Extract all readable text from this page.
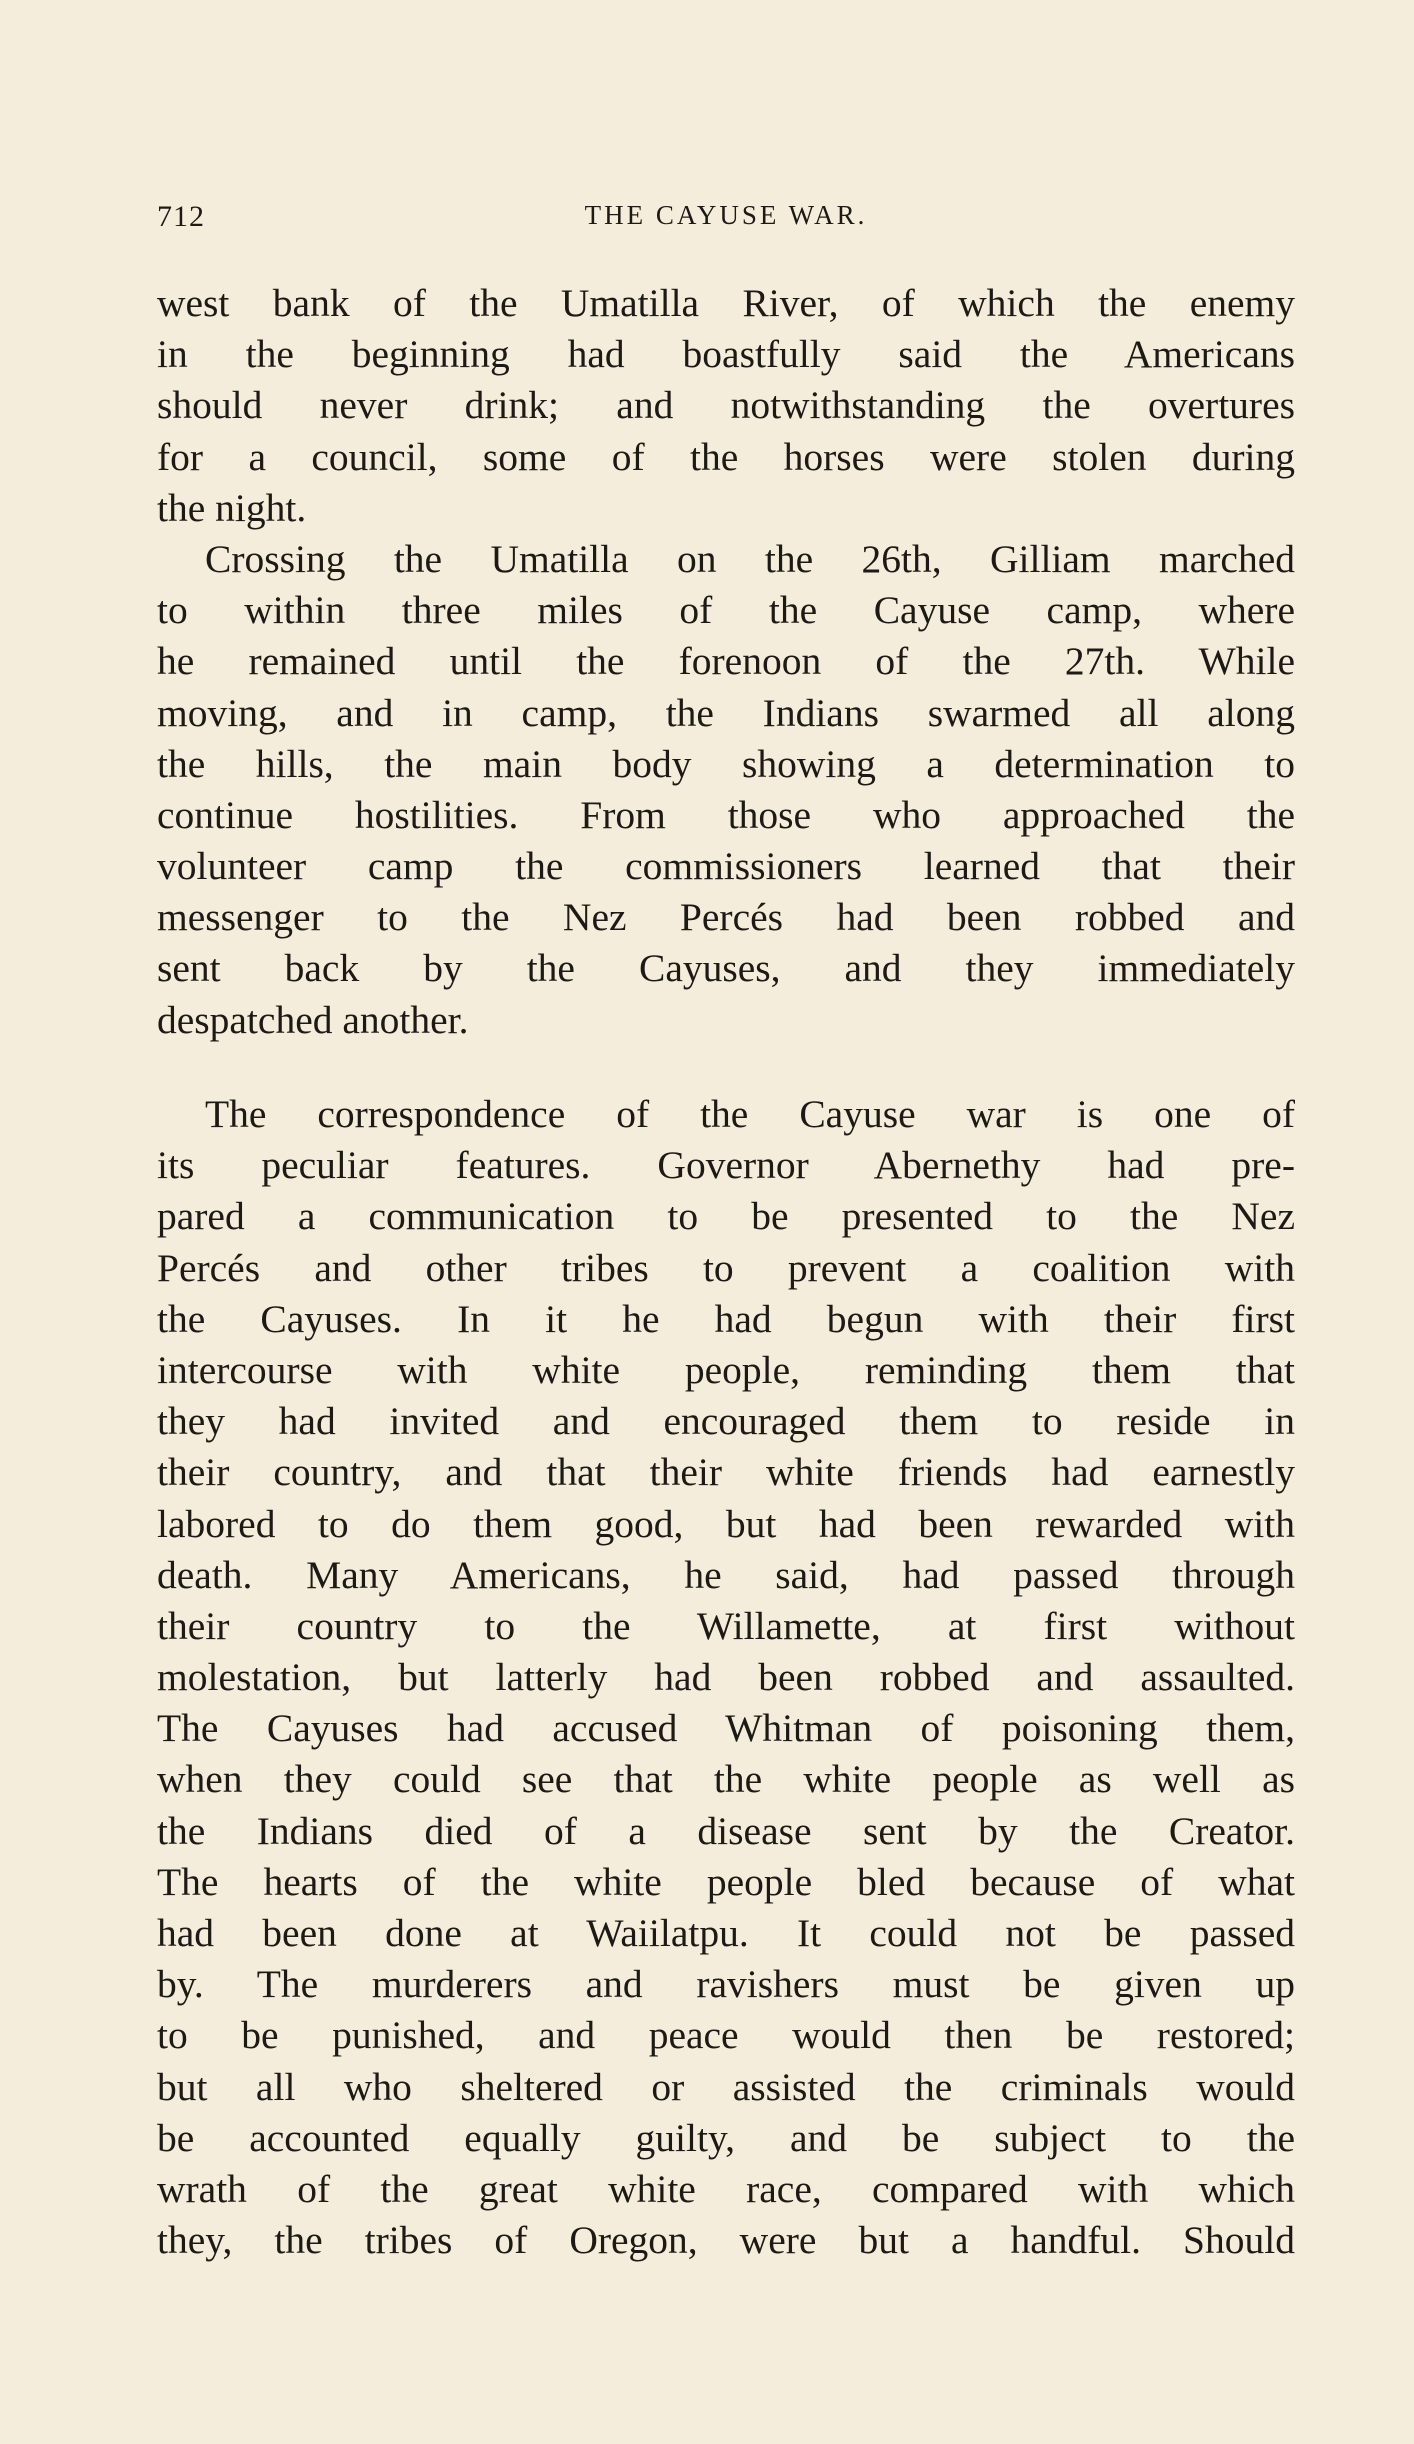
712	THE CAYUSE WAR.
west bank of the Umatilla River, of which the enemy
in the beginning had boastfully said the Americans
should never drink; and notwithstanding the overtures
for a council, some of the horses were stolen during
the night.
Crossing the Umatilla on the 26th, Gilliam marched
to within three miles of the Cayuse camp, where
he remained until the forenoon of the 27th. While
moving, and in camp, the Indians swarmed all along
the hills, the main body showing a determination to
continue hostilities. From those who approached the
volunteer camp the commissioners learned that their
messenger to the Nez Percés had been robbed and
sent back by the Cayuses, and they immediately
despatched another.
The correspondence of the Cayuse war is one of
its peculiar features. Governor Abernethy had pre-
pared a communication to be presented to the Nez
Percés and other tribes to prevent a coalition with
the Cayuses. In it he had begun with their first
intercourse with white people, reminding them that
they had invited and encouraged them to reside in
their country, and that their white friends had earnestly
labored to do them good, but had been rewarded with
death. Many Americans, he said, had passed through
their country to the Willamette, at first without
molestation, but latterly had been robbed and assaulted.
The Cayuses had accused Whitman of poisoning them,
when they could see that the white people as well as
the Indians died of a disease sent by the Creator.
The hearts of the white people bled because of what
had been done at Waiilatpu. It could not be passed
by. The murderers and ravishers must be given up
to be punished, and peace would then be restored;
but all who sheltered or assisted the criminals would
be accounted equally guilty, and be subject to the
wrath of the great white race, compared with which
they, the tribes of Oregon, were but a handful. Should
